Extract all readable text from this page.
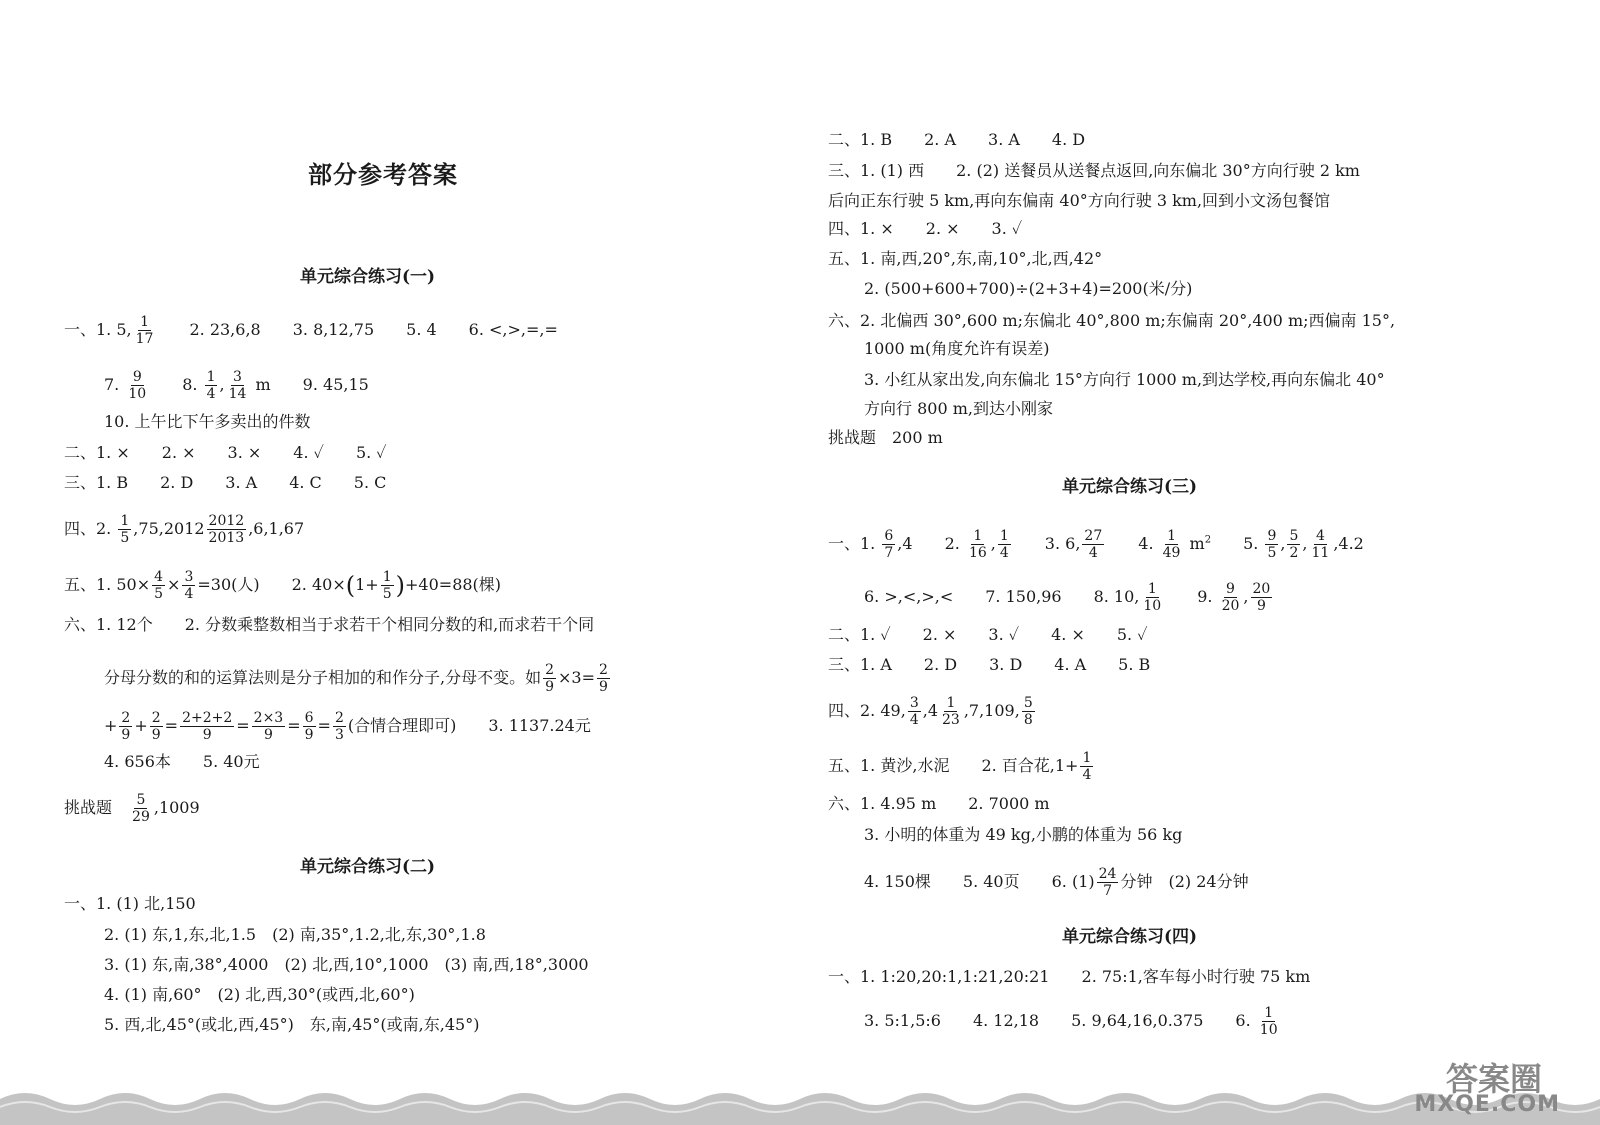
部分参考答案
单元综合练习(一)
一、1. 5, $\frac{1}{17}$
　　 2. 23,6,8　　3. 8,12,75　　5. 4　　6. <,>,=,=
7. $\frac{9}{10}$
　　 8. $\frac{1}{4}$ , $\frac{3}{14}$ m　　9. 45,15
10. 上午比下午多卖出的件数
二、1. ×　　2. ×　　3. ×　　4. ✓　　5. ✓
三、1. B　　2. D　　3. A　　4. C　　5. C
四、2. $\frac{1}{5} ,75,2012 \frac{2012}{2013} ,6,1,67$
五、1. $50\times \frac{4}{5} \times \frac{3}{4} =30$(人)　　2. $40\times(1+ \frac{1}{5} )+40=88$(棵)
六、1. 12个　　2. 分数乘整数相当于求若干个相同分数的和,而求若干个同
分母分数的和的运算法则是分子相加的和作分子,分母不变。如 $\frac{2}{9} \times 3= \frac{2}{9}$
+ $\frac{2}{9} + \frac{2}{9} = \frac{2+2+2}{9} = \frac{2\times 3}{9} = \frac{6}{9} = \frac{2}{3}$ (合情合理即可)　　3. 1137.24元
4. 656本　　5. 40元
挑战题　 $\frac{5}{29} ,1009$
单元综合练习(二)
一、1. (1) 北,150
2. (1) 东,1,东,北,1.5　(2) 南,35°,1.2,北,东,30°,1.8
3. (1) 东,南,38°,4000　(2) 北,西,10°,1000　(3) 南,西,18°,3000
4. (1) 南,60°　(2) 北,西,30°(或西,北,60°)
5. 西,北,45°(或北,西,45°)　东,南,45°(或南,东,45°)
二、1. B　　2. A　　3. A　　4. D
三、1. (1) 西　　2. (2) 送餐员从送餐点返回,向东偏北 30°方向行驶 2 km
后向正东行驶 5 km,再向东偏南 40°方向行驶 3 km,回到小文汤包餐馆
四、1. ×　　2. ×　　3. ✓
五、1. 南,西,20°,东,南,10°,北,西,42°
2. (500+600+700)÷(2+3+4)=200(米/分)
六、2. 北偏西 30°,600 m;东偏北 40°,800 m;东偏南 20°,400 m;西偏南 15°,
1000 m(角度允许有误差)
3. 小红从家出发,向东偏北 15°方向行 1000 m,到达学校,再向东偏北 40°
方向行 800 m,到达小刚家
挑战题　200 m
单元综合练习(三)
一、1. $\frac{6}{7} ,4$　　2. $\frac{1}{16}$ , $\frac{1}{4}$
　　 3. 6, $\frac{27}{4}$
　　 4. $\frac{1}{49} m^2$　　 5. $\frac{9}{5}$ , $\frac{5}{2}$ , $\frac{4}{11} ,4.2$
6. >,<,>,<　　7. 150,96　　8. 10, $\frac{1}{10}$
　　 9. $\frac{9}{20}$ , $\frac{20}{9}$
二、1. ✓　　2. ×　　3. ✓　　4. ×　　5. ✓
三、1. A　　2. D　　3. D　　4. A　　5. B
四、2. 49, $\frac{3}{4} ,4 \frac{1}{23} ,7,109$, $\frac{5}{8}$
五、1. 黄沙,水泥　　2. 百合花$,1+ \frac{1}{4}$
六、1. 4.95 m　　2. 7000 m
3. 小明的体重为 49 kg,小鹏的体重为 56 kg
4. 150棵　　5. 40页　　6. $(1) \frac{24}{7}$ 分钟　(2) 24分钟
单元综合练习(四)
一、1. 1:20,20:1,1:21,20:21　　2. 75:1,客车每小时行驶 75 km
3. 5:1,5:6　　4. 12,18　　5. 9,64,16,0.375　　6. $\frac{1}{10}$
答案圈
MXQE.COM
